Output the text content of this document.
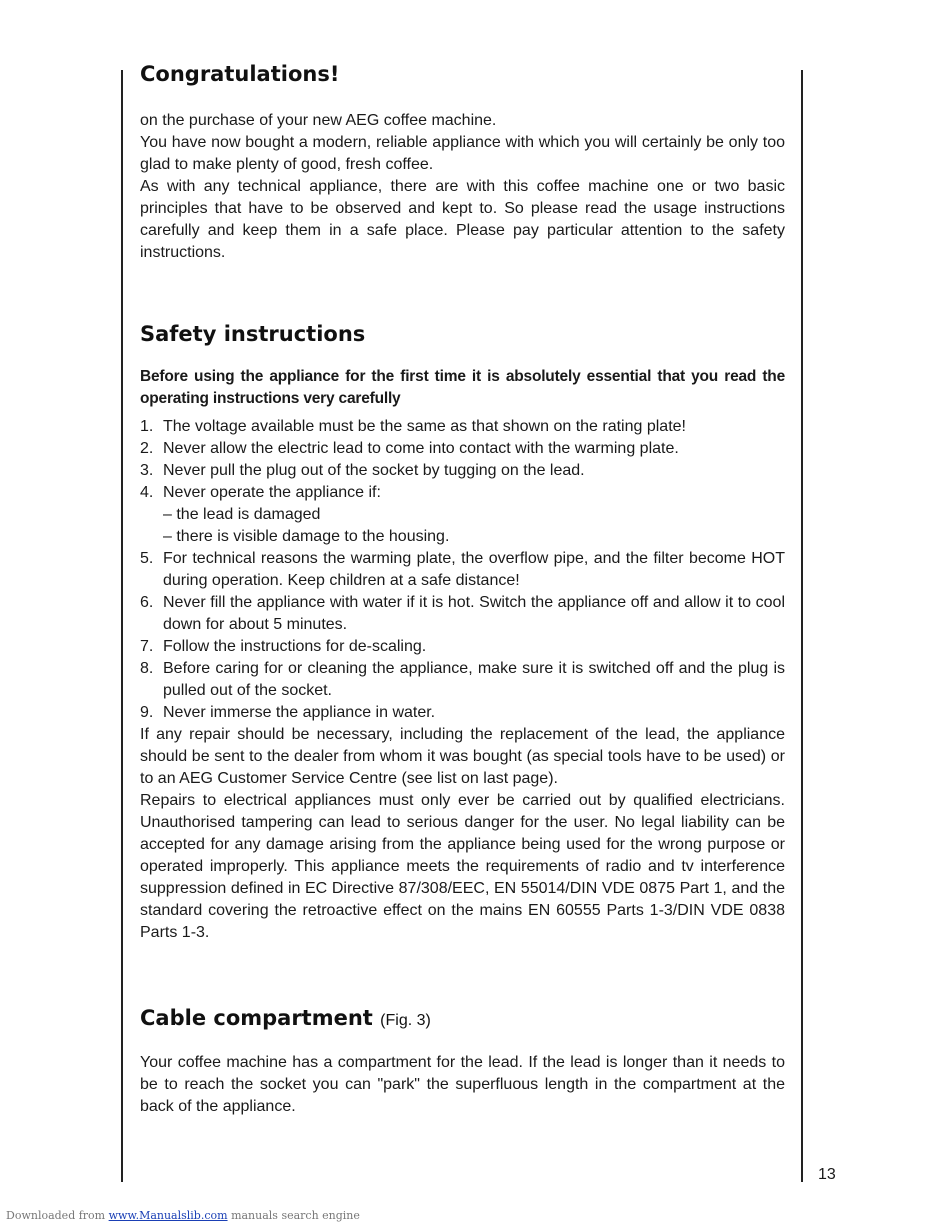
Congratulations!

on the purchase of your new AEG coffee machine.

You have now bought a modern, reliable appliance with which you will certainly be only too glad to make plenty of good, fresh coffee.

As with any technical appliance, there are with this coffee machine one or two basic principles that have to be observed and kept to. So please read the usage instructions carefully and keep them in a safe place. Please pay particular attention to the safety instructions.

Safety instructions

Before using the appliance for the first time it is absolutely essential that you read the operating instructions very carefully

1. The voltage available must be the same as that shown on the rating plate!
2. Never allow the electric lead to come into contact with the warming plate.
3. Never pull the plug out of the socket by tugging on the lead.
4. Never operate the appliance if:
– the lead is damaged
– there is visible damage to the housing.
5. For technical reasons the warming plate, the overflow pipe, and the filter become HOT during operation. Keep children at a safe distance!
6. Never fill the appliance with water if it is hot. Switch the appliance off and allow it to cool down for about 5 minutes.
7. Follow the instructions for de-scaling.
8. Before caring for or cleaning the appliance, make sure it is switched off and the plug is pulled out of the socket.
9. Never immerse the appliance in water.

If any repair should be necessary, including the replacement of the lead, the appliance should be sent to the dealer from whom it was bought (as special tools have to be used) or to an AEG Customer Service Centre (see list on last page).

Repairs to electrical appliances must only ever be carried out by qualified electricians. Unauthorised tampering can lead to serious danger for the user. No legal liability can be accepted for any damage arising from the appliance being used for the wrong purpose or operated improperly. This appliance meets the requirements of radio and tv interference suppression defined in EC Directive 87/308/EEC, EN 55014/DIN VDE 0875 Part 1, and the standard covering the retroactive effect on the mains EN 60555 Parts 1-3/DIN VDE 0838 Parts 1-3.

Cable compartment (Fig. 3)

Your coffee machine has a compartment for the lead. If the lead is longer than it needs to be to reach the socket you can "park" the superfluous length in the compartment at the back of the appliance.

13
Downloaded from www.Manualslib.com manuals search engine
